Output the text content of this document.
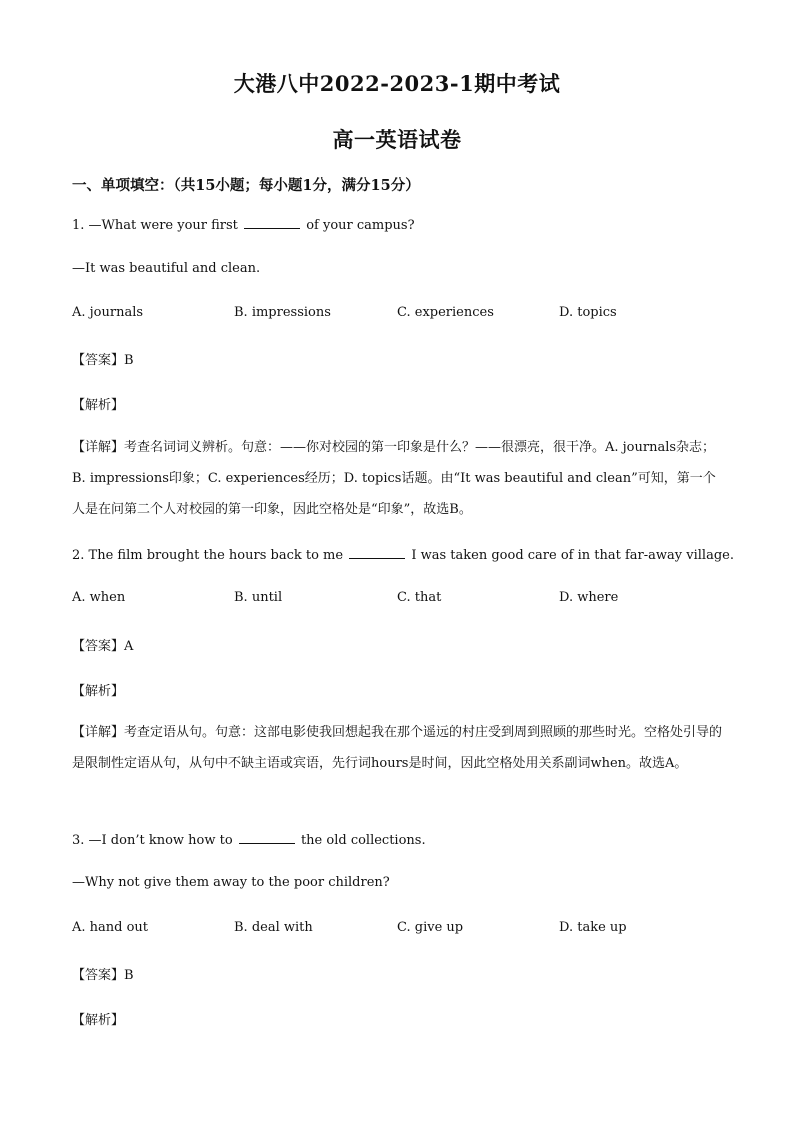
大港八中2022-2023-1期中考试
高一英语试卷
一、单项填空：（共15小题；每小题1分，满分15分）
1. —What were your first	of your campus?
—It was beautiful and clean.
A. journals	B. impressions	C. experiences	D. topics
【答案】B
【解析】
【详解】考查名词词义辨析。句意：——你对校园的第一印象是什么？——很漂亮，很干净。A. journals杂志；B. impressions印象；C. experiences经历；D. topics话题。由“It was beautiful and clean”可知，第一个人是在问第二个人对校园的第一印象，因此空格处是“印象”，故选B。
2. The film brought the hours back to me	I was taken good care of in that far-away village.
A. when	B. until	C. that	D. where
【答案】A
【解析】
【详解】考查定语从句。句意：这部电影使我回想起我在那个遥远的村庄受到周到照顾的那些时光。空格处引导的是限制性定语从句，从句中不缺主语或宾语，先行词hours是时间，因此空格处用关系副词when。故选A。
3. —I don’t know how to	the old collections.
—Why not give them away to the poor children?
A. hand out	B. deal with	C. give up	D. take up
【答案】B
【解析】
